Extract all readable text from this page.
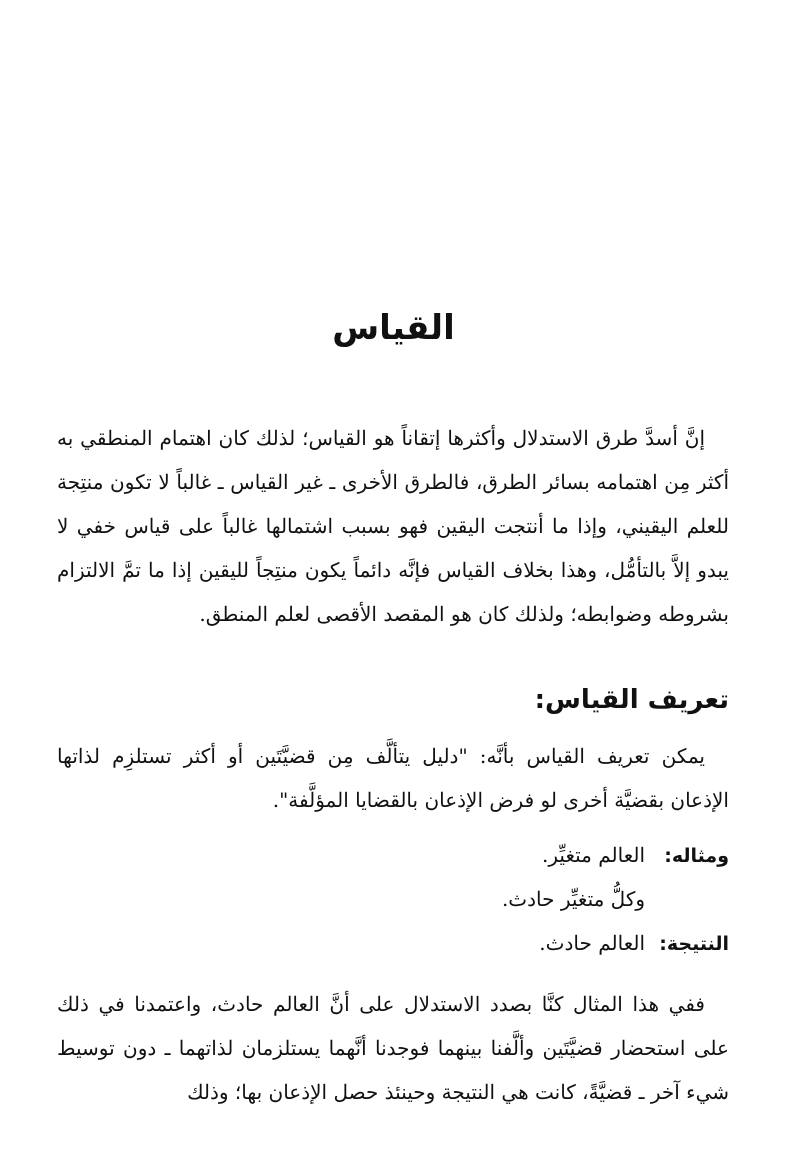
القياس

إنَّ أسدَّ طرق الاستدلال وأكثرها إتقاناً هو القياس؛ لذلك كان اهتمام المنطقي به أكثر مِن اهتمامه بسائر الطرق، فالطرق الأخرى ـ غير القياس ـ غالباً لا تكون منتِجة للعلم اليقيني، وإذا ما أنتجت اليقين فهو بسبب اشتمالها غالباً على قياس خفي لا يبدو إلاَّ بالتأمُّل، وهذا بخلاف القياس فإنَّه دائماً يكون منتِجاً لليقين إذا ما تمَّ الالتزام بشروطه وضوابطه؛ ولذلك كان هو المقصد الأقصى لعلم المنطق.

تعريف القياس:

يمكن تعريف القياس بأنَّه: "دليل يتألَّف مِن قضيَّتَين أو أكثر تستلزِم لذاتها الإذعان بقضيَّة أخرى لو فرض الإذعان بالقضايا المؤلَّفة".

ومثاله:
العالم متغيِّر.
وكلُّ متغيِّر حادث.
النتيجة:
العالم حادث.

ففي هذا المثال كنَّا بصدد الاستدلال على أنَّ العالم حادث، واعتمدنا في ذلك على استحضار قضيَّتَين وألَّفنا بينهما فوجدنا أنَّهما يستلزمان لذاتهما ـ دون توسيط شيء آخر ـ قضيَّةً، كانت هي النتيجة وحينئذ حصل الإذعان بها؛ وذلك
